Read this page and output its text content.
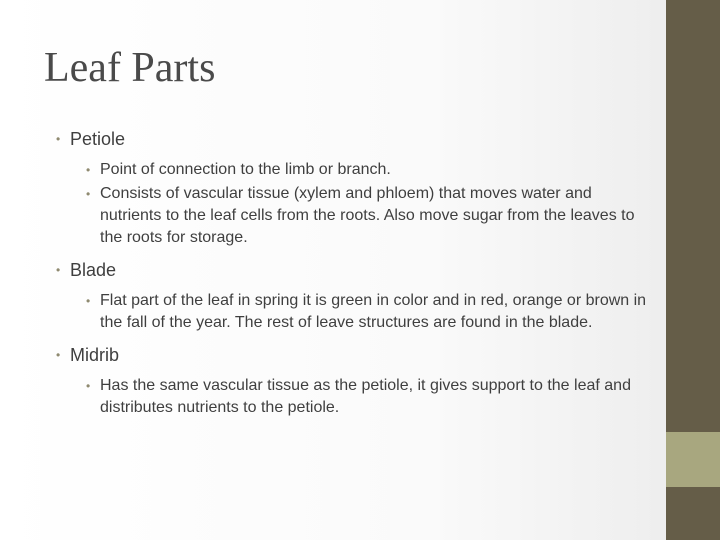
Leaf Parts
• Petiole
• Point of connection to the limb or branch.
• Consists of vascular tissue (xylem and phloem) that moves water and nutrients to the leaf cells from the roots. Also move sugar from the leaves to the roots for storage.
• Blade
• Flat part of the leaf in spring it is green in color and in red, orange or brown in the fall of the year. The rest of leave structures are found in the blade.
• Midrib
• Has the same vascular tissue as the petiole, it gives support to the leaf and distributes nutrients to the petiole.
